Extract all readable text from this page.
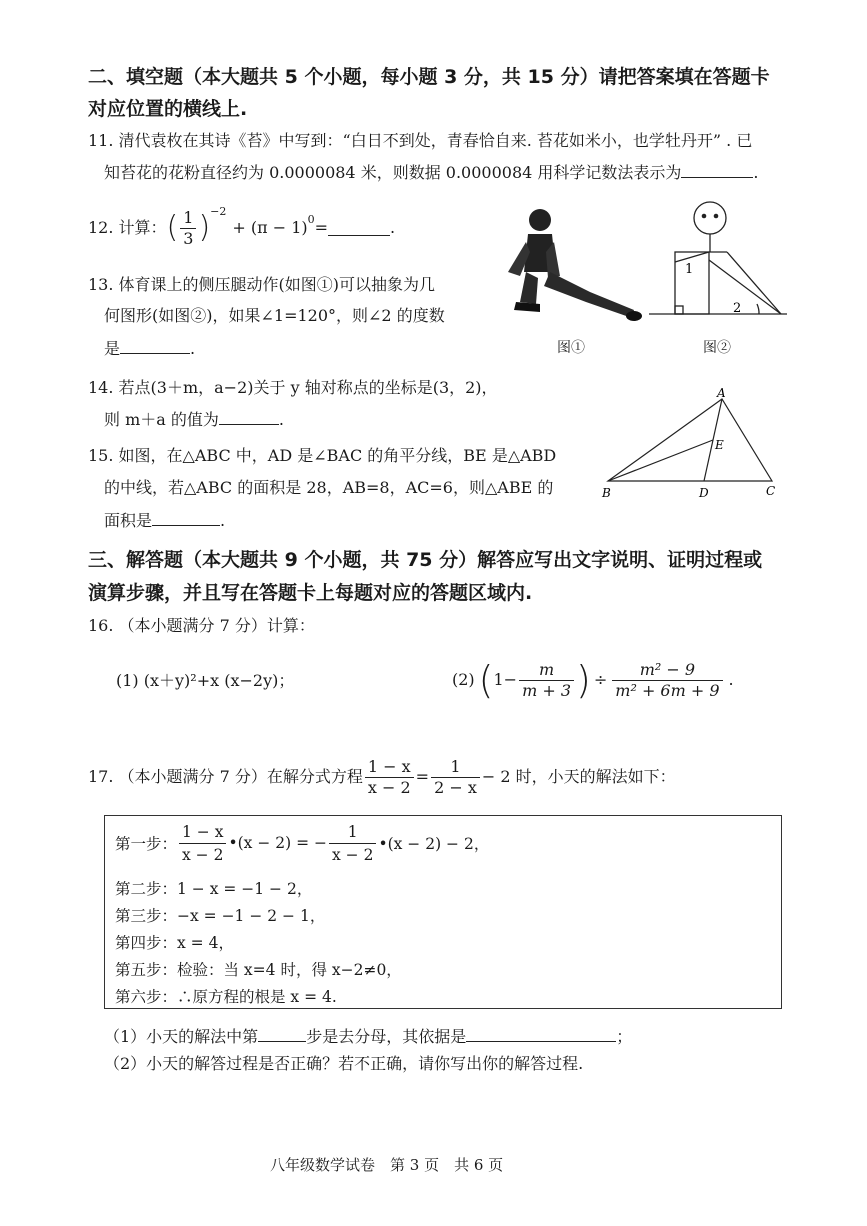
二、填空题（本大题共 5 个小题，每小题 3 分，共 15 分）请把答案填在答题卡
对应位置的横线上.
11. 清代袁枚在其诗《苔》中写到：“白日不到处，青春恰自来. 苔花如米小，也学牡丹开” . 已
知苔花的花粉直径约为 0.0000084 米，则数据 0.0000084 用科学记数法表示为	.
12. 计算： ( $\frac{1}{3} )^{-2}$
+ $(\pi - 1)^0$ =	.
13. 体育课上的侧压腿动作(如图①)可以抽象为几
何图形(如图②)，如果∠1=120°，则∠2 的度数
是	.	图①
1
2
图②
14. 若点(3＋m，a−2)关于 y 轴对称点的坐标是(3，2)，
则 m＋a 的值为	.
15. 如图，在△ABC 中，AD 是∠BAC 的角平分线，BE 是△ABD
的中线，若△ABC 的面积是 28，AB=8，AC=6，则△ABE 的
面积是	.
A
B	C
D
E
三、解答题（本大题共 9 个小题，共 75 分）解答应写出文字说明、证明过程或
演算步骤，并且写在答题卡上每题对应的答题区域内.
16. （本小题满分 7 分）计算：
(1) (x＋y)²+x (x−2y)；	(2) ( $1- \frac{m}{m + 3}$ ) ÷ $\frac{\text{m² − 9}}{\text{m² + 6m + 9}}$ .
17. （本小题满分 7 分）在解分式方程 $\frac{1 - x}{x - 2} = \frac{1}{2 - x} - 2$ 时，小天的解法如下：
第一步： $\frac{1 - x}{x - 2}$ •(x − 2) = − $\frac{1}{x - 2}$ •(x − 2) − 2，
第二步：1 − x = −1 − 2，
第三步：−x = −1 − 2 − 1，
第四步：x = 4，
第五步：检验：当 x=4 时，得 x−2≠0，
第六步：∴原方程的根是 x = 4.
（1）小天的解法中第	步是去分母，其依据是	；
（2）小天的解答过程是否正确？若不正确，请你写出你的解答过程.
八年级数学试卷　第 3 页　共 6 页
